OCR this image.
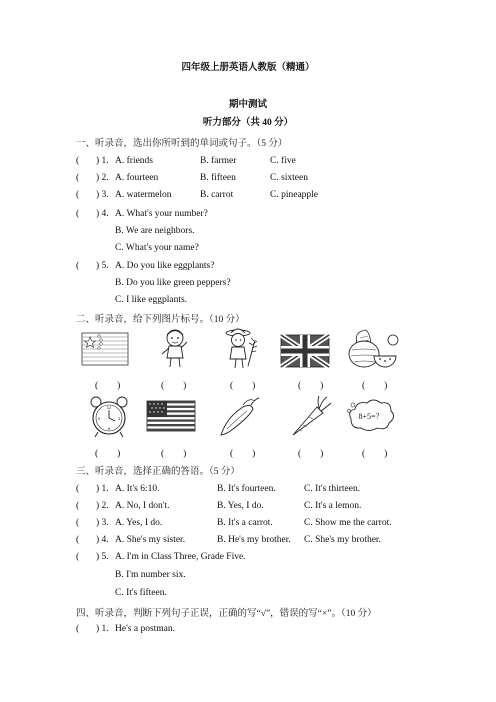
四年级上册英语人教版（精通）
期中测试
听力部分（共 40 分）
一、听录音，选出你所听到的单词或句子。（5 分）
( ) 1. A. friends	B. farmer	C. five
( ) 2. A. fourteen	B. fifteen	C. sixteen
( ) 3. A. watermelon	B. carrot	C. pineapple
( ) 4. A. What's your number?
B. We are neighbors.
C. What's your name?
( ) 5. A. Do you like eggplants?
B. Do you like green peppers?
C. I like eggplants.
二、听录音，给下列图片标号。（10 分）
(　　)	(　　)	(　　)	(　　)	(　　)
12
3
6
9	8+5=？
(　　)	(　　)	(　　)	(　　)	(　　)
三、听录音，选择正确的答语。（5 分）
( ) 1. A. It's 6:10.	B. It's fourteen.	C. It's thirteen.
( ) 2. A. No, I don't.	B. Yes, I do.	C. It's a lemon.
( ) 3. A. Yes, I do.	B. It's a carrot.	C. Show me the carrot.
( ) 4. A. She's my sister.	B. He's my brother. C. She's my brother.
( ) 5. A. I'm in Class Three, Grade Five.
B. I'm number six.
C. It's fifteen.
四、听录音，判断下列句子正误，正确的写“√”，错误的写“×”。（10 分）
( ) 1. He's a postman.
